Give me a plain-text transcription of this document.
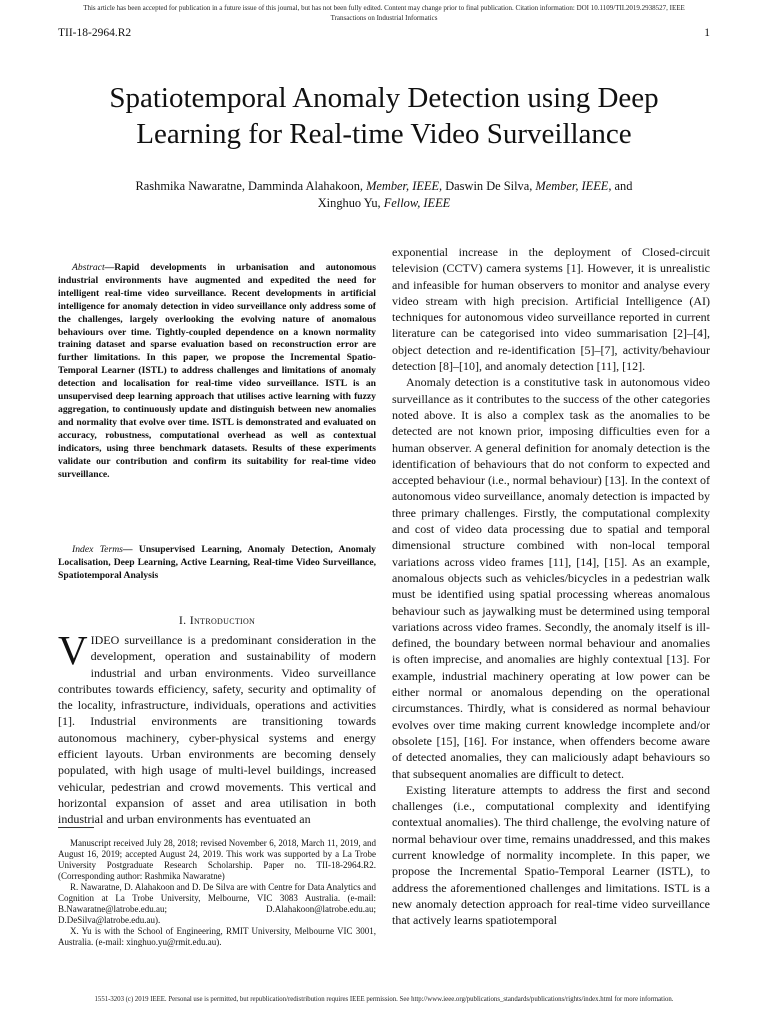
This article has been accepted for publication in a future issue of this journal, but has not been fully edited. Content may change prior to final publication. Citation information: DOI 10.1109/TII.2019.2938527, IEEE
Transactions on Industrial Informatics
TII-18-2964.R2	1
Spatiotemporal Anomaly Detection using Deep
Learning for Real-time Video Surveillance
Rashmika Nawaratne, Damminda Alahakoon, Member, IEEE, Daswin De Silva, Member, IEEE, and
Xinghuo Yu, Fellow, IEEE

Abstract—Rapid developments in urbanisation and autonomous industrial environments have augmented and expedited the need for intelligent real-time video surveillance. Recent developments in artificial intelligence for anomaly detection in video surveillance only address some of the challenges, largely overlooking the evolving nature of anomalous behaviours over time. Tightly-coupled dependence on a known normality training dataset and sparse evaluation based on reconstruction error are further limitations. In this paper, we propose the Incremental Spatio-Temporal Learner (ISTL) to address challenges and limitations of anomaly detection and localisation for real-time video surveillance. ISTL is an unsupervised deep learning approach that utilises active learning with fuzzy aggregation, to continuously update and distinguish between new anomalies and normality that evolve over time. ISTL is demonstrated and evaluated on accuracy, robustness, computational overhead as well as contextual indicators, using three benchmark datasets. Results of these experiments validate our contribution and confirm its suitability for real-time video surveillance.

Index Terms— Unsupervised Learning, Anomaly Detection, Anomaly Localisation, Deep Learning, Active Learning, Real-time Video Surveillance, Spatiotemporal Analysis

I. Introduction

VIDEO surveillance is a predominant consideration in the development, operation and sustainability of modern industrial and urban environments. Video surveillance contributes towards efficiency, safety, security and optimality of the locality, infrastructure, individuals, operations and activities [1]. Industrial environments are transitioning towards autonomous machinery, cyber-physical systems and energy efficient layouts. Urban environments are becoming densely populated, with high usage of multi-level buildings, increased vehicular, pedestrian and crowd movements. This vertical and horizontal expansion of asset and area utilisation in both industrial and urban environments has eventuated an

Manuscript received July 28, 2018; revised November 6, 2018, March 11, 2019, and August 16, 2019; accepted August 24, 2019. This work was supported by a La Trobe University Postgraduate Research Scholarship. Paper no. TII-18-2964.R2. (Corresponding author: Rashmika Nawaratne)

R. Nawaratne, D. Alahakoon and D. De Silva are with Centre for Data Analytics and Cognition at La Trobe University, Melbourne, VIC 3083 Australia. (e-mail: B.Nawaratne@latrobe.edu.au; D.Alahakoon@latrobe.edu.au; D.DeSilva@latrobe.edu.au).

X. Yu is with the School of Engineering, RMIT University, Melbourne VIC 3001, Australia. (e-mail: xinghuo.yu@rmit.edu.au).

exponential increase in the deployment of Closed-circuit television (CCTV) camera systems [1]. However, it is unrealistic and infeasible for human observers to monitor and analyse every video stream with high precision. Artificial Intelligence (AI) techniques for autonomous video surveillance reported in current literature can be categorised into video summarisation [2]–[4], object detection and re-identification [5]–[7], activity/behaviour detection [8]–[10], and anomaly detection [11], [12].

Anomaly detection is a constitutive task in autonomous video surveillance as it contributes to the success of the other categories noted above. It is also a complex task as the anomalies to be detected are not known prior, imposing difficulties even for a human observer. A general definition for anomaly detection is the identification of behaviours that do not conform to expected and accepted behaviour (i.e., normal behaviour) [13]. In the context of autonomous video surveillance, anomaly detection is impacted by three primary challenges. Firstly, the computational complexity and cost of video data processing due to spatial and temporal dimensional structure combined with non-local temporal variations across video frames [11], [14], [15]. As an example, anomalous objects such as vehicles/bicycles in a pedestrian walk must be identified using spatial processing whereas anomalous behaviour such as jaywalking must be determined using temporal variations across video frames. Secondly, the anomaly itself is ill-defined, the boundary between normal behaviour and anomalies is often imprecise, and anomalies are highly contextual [13]. For example, industrial machinery operating at low power can be either normal or anomalous depending on the operational circumstances. Thirdly, what is considered as normal behaviour evolves over time making current knowledge incomplete and/or obsolete [15], [16]. For instance, when offenders become aware of detected anomalies, they can maliciously adapt behaviours so that subsequent anomalies are difficult to detect.

Existing literature attempts to address the first and second challenges (i.e., computational complexity and identifying contextual anomalies). The third challenge, the evolving nature of normal behaviour over time, remains unaddressed, and this makes current knowledge of normality incomplete. In this paper, we propose the Incremental Spatio-Temporal Learner (ISTL), to address the aforementioned challenges and limitations. ISTL is a new anomaly detection approach for real-time video surveillance that actively learns spatiotemporal

1551-3203 (c) 2019 IEEE. Personal use is permitted, but republication/redistribution requires IEEE permission. See http://www.ieee.org/publications_standards/publications/rights/index.html for more information.
